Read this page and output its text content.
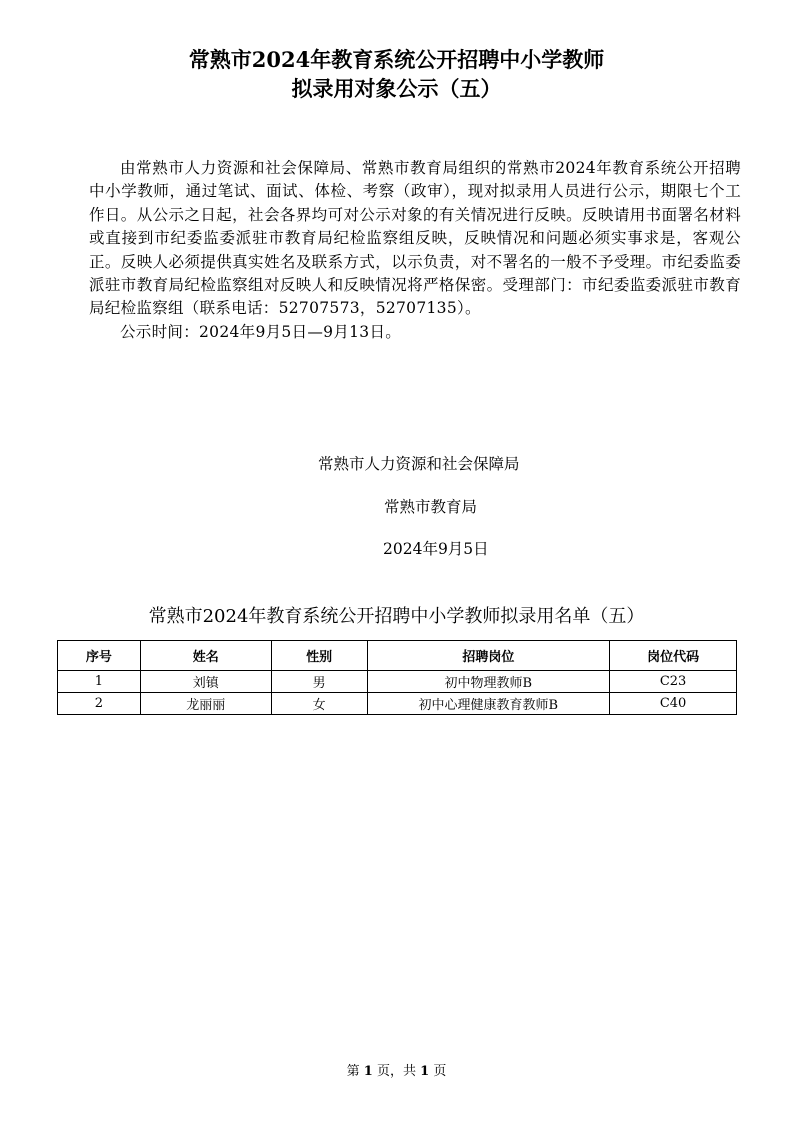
常熟市2024年教育系统公开招聘中小学教师
拟录用对象公示（五）

由常熟市人力资源和社会保障局、常熟市教育局组织的常熟市2024年教育系统公开招聘中小学教师，通过笔试、面试、体检、考察（政审），现对拟录用人员进行公示，期限七个工作日。从公示之日起，社会各界均可对公示对象的有关情况进行反映。反映请用书面署名材料或直接到市纪委监委派驻市教育局纪检监察组反映，反映情况和问题必须实事求是，客观公正。反映人必须提供真实姓名及联系方式，以示负责，对不署名的一般不予受理。市纪委监委派驻市教育局纪检监察组对反映人和反映情况将严格保密。受理部门：市纪委监委派驻市教育局纪检监察组（联系电话：52707573，52707135）。

公示时间：2024年9月5日—9月13日。

常熟市人力资源和社会保障局
常熟市教育局
2024年9月5日
常熟市2024年教育系统公开招聘中小学教师拟录用名单（五）
序号	姓名	性别	招聘岗位	岗位代码
1	刘镇	男	初中物理教师B	C23
2	龙丽丽	女	初中心理健康教育教师B	C40
第 1 页，共 1 页
